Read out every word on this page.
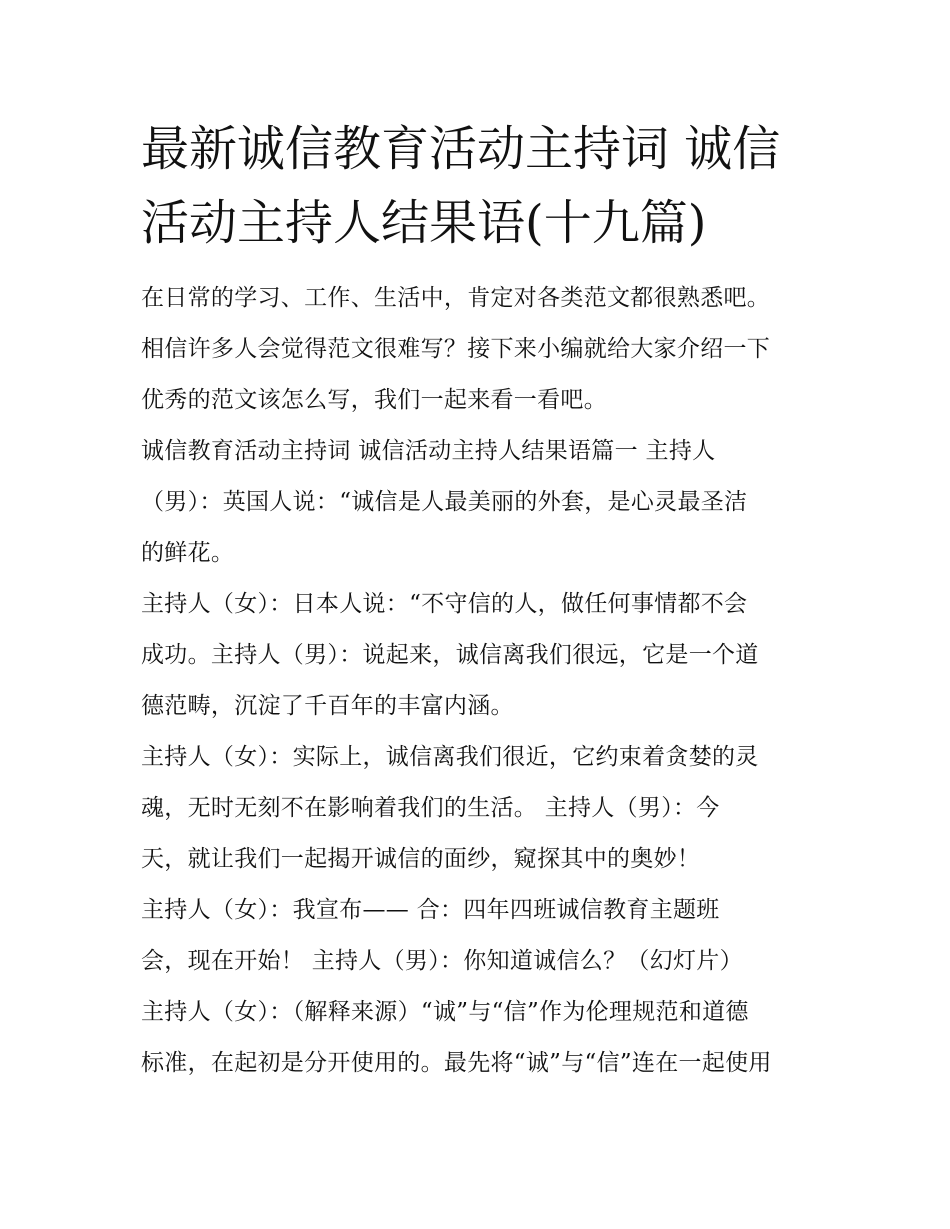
最新诚信教育活动主持词 诚信
活动主持人结果语(十九篇)

在日常的学习、工作、生活中，肯定对各类范文都很熟悉吧。
相信许多人会觉得范文很难写？接下来小编就给大家介绍一下
优秀的范文该怎么写，我们一起来看一看吧。

诚信教育活动主持词 诚信活动主持人结果语篇一 主持人
（男）：英国人说：“诚信是人最美丽的外套，是心灵最圣洁
的鲜花。

主持人（女）：日本人说：“不守信的人，做任何事情都不会
成功。主持人（男）：说起来，诚信离我们很远，它是一个道
德范畴，沉淀了千百年的丰富内涵。

主持人（女）：实际上，诚信离我们很近，它约束着贪婪的灵
魂，无时无刻不在影响着我们的生活。 主持人（男）：今
天，就让我们一起揭开诚信的面纱，窥探其中的奥妙！

主持人（女）：我宣布—— 合：四年四班诚信教育主题班
会，现在开始！ 主持人（男）：你知道诚信么？（幻灯片）

主持人（女）：（解释来源）“诚”与“信”作为伦理规范和道德
标准，在起初是分开使用的。最先将“诚”与“信”连在一起使用
